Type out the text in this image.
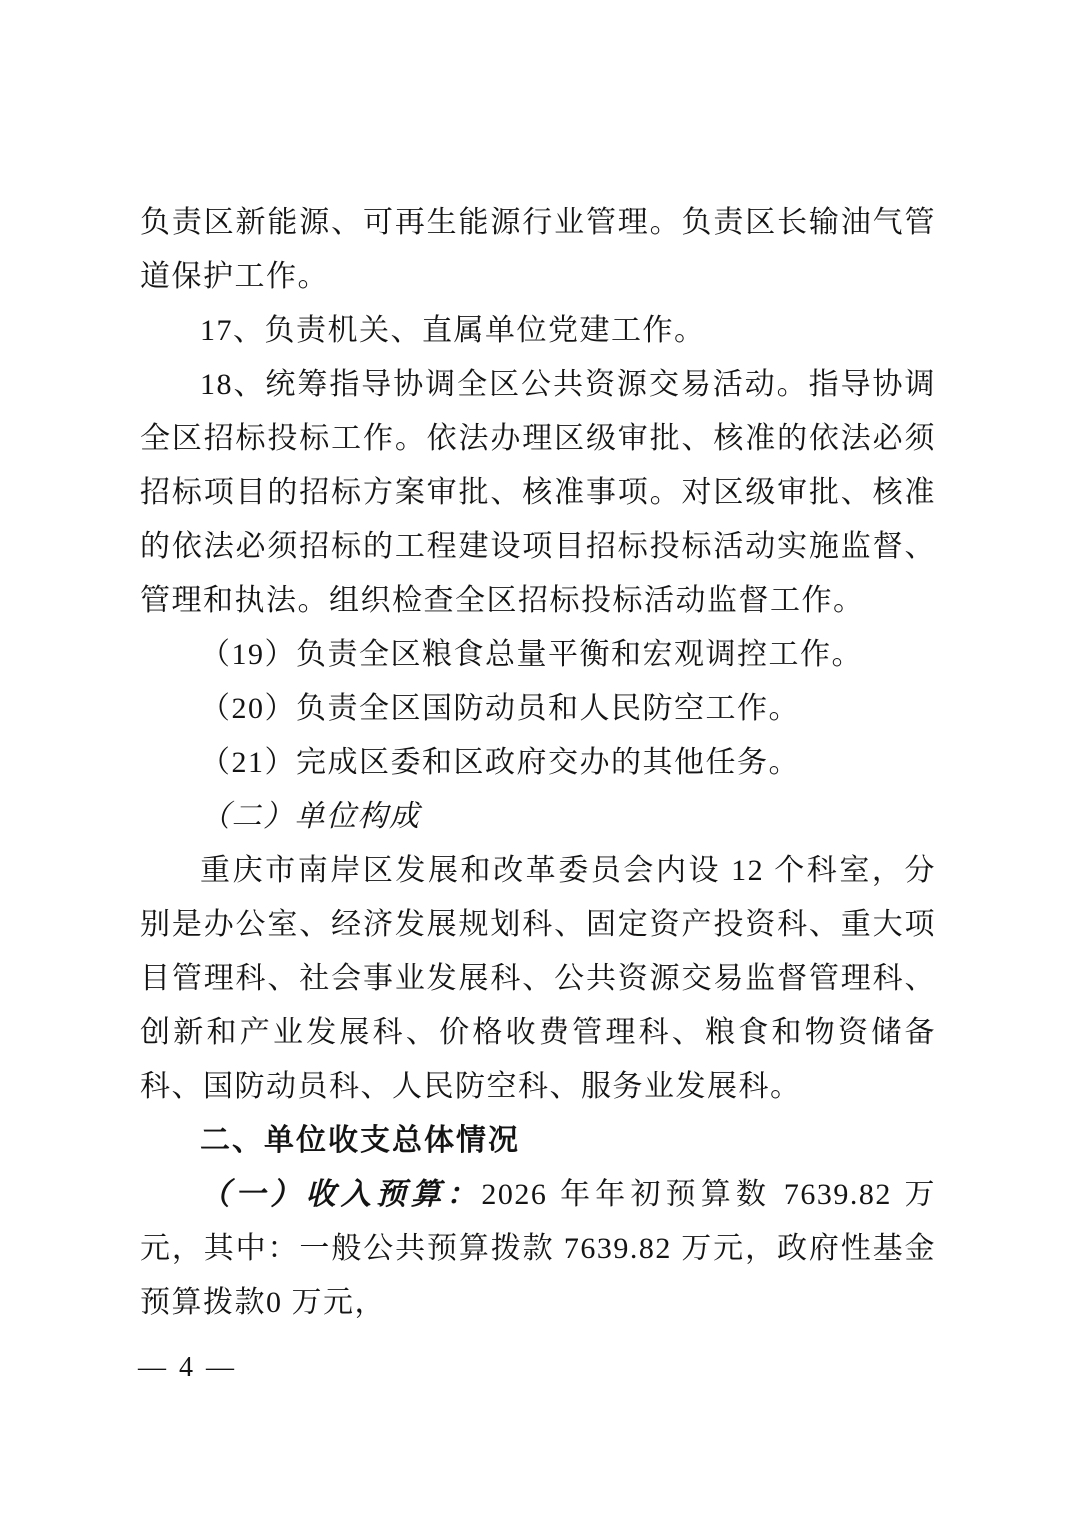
负责区新能源、可再生能源行业管理。负责区长输油气管道保护工作。

17、负责机关、直属单位党建工作。

18、统筹指导协调全区公共资源交易活动。指导协调全区招标投标工作。依法办理区级审批、核准的依法必须招标项目的招标方案审批、核准事项。对区级审批、核准的依法必须招标的工程建设项目招标投标活动实施监督、管理和执法。组织检查全区招标投标活动监督工作。

（19）负责全区粮食总量平衡和宏观调控工作。

（20）负责全区国防动员和人民防空工作。

（21）完成区委和区政府交办的其他任务。

（二）单位构成

重庆市南岸区发展和改革委员会内设 12 个科室，分别是办公室、经济发展规划科、固定资产投资科、重大项目管理科、社会事业发展科、公共资源交易监督管理科、创新和产业发展科、价格收费管理科、粮食和物资储备科、国防动员科、人民防空科、服务业发展科。

二、单位收支总体情况

（一）收入预算：2026 年年初预算数 7639.82 万元，其中：一般公共预算拨款 7639.82 万元，政府性基金预算拨款0 万元，

— 4 —
